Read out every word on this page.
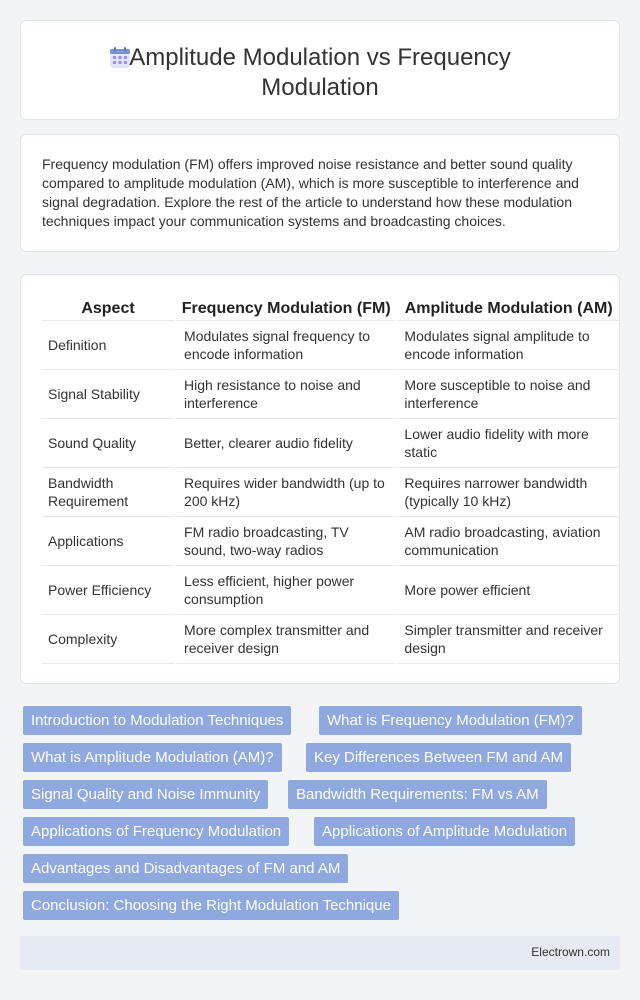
Amplitude Modulation vs Frequency Modulation

Frequency modulation (FM) offers improved noise resistance and better sound quality compared to amplitude modulation (AM), which is more susceptible to interference and signal degradation. Explore the rest of the article to understand how these modulation techniques impact your communication systems and broadcasting choices.

Aspect	Frequency Modulation (FM)	Amplitude Modulation (AM)
Definition	Modulates signal frequency to encode information	Modulates signal amplitude to encode information
Signal Stability	High resistance to noise and interference	More susceptible to noise and interference
Sound Quality	Better, clearer audio fidelity	Lower audio fidelity with more static
Bandwidth Requirement	Requires wider bandwidth (up to 200 kHz)	Requires narrower bandwidth (typically 10 kHz)
Applications	FM radio broadcasting, TV sound, two-way radios	AM radio broadcasting, aviation communication
Power Efficiency	Less efficient, higher power consumption	More power efficient
Complexity	More complex transmitter and receiver design	Simpler transmitter and receiver design
Introduction to Modulation Techniques	What is Frequency Modulation (FM)?
What is Amplitude Modulation (AM)?	Key Differences Between FM and AM
Signal Quality and Noise Immunity	Bandwidth Requirements: FM vs AM
Applications of Frequency Modulation	Applications of Amplitude Modulation
Advantages and Disadvantages of FM and AM
Conclusion: Choosing the Right Modulation Technique
Electrown.com
